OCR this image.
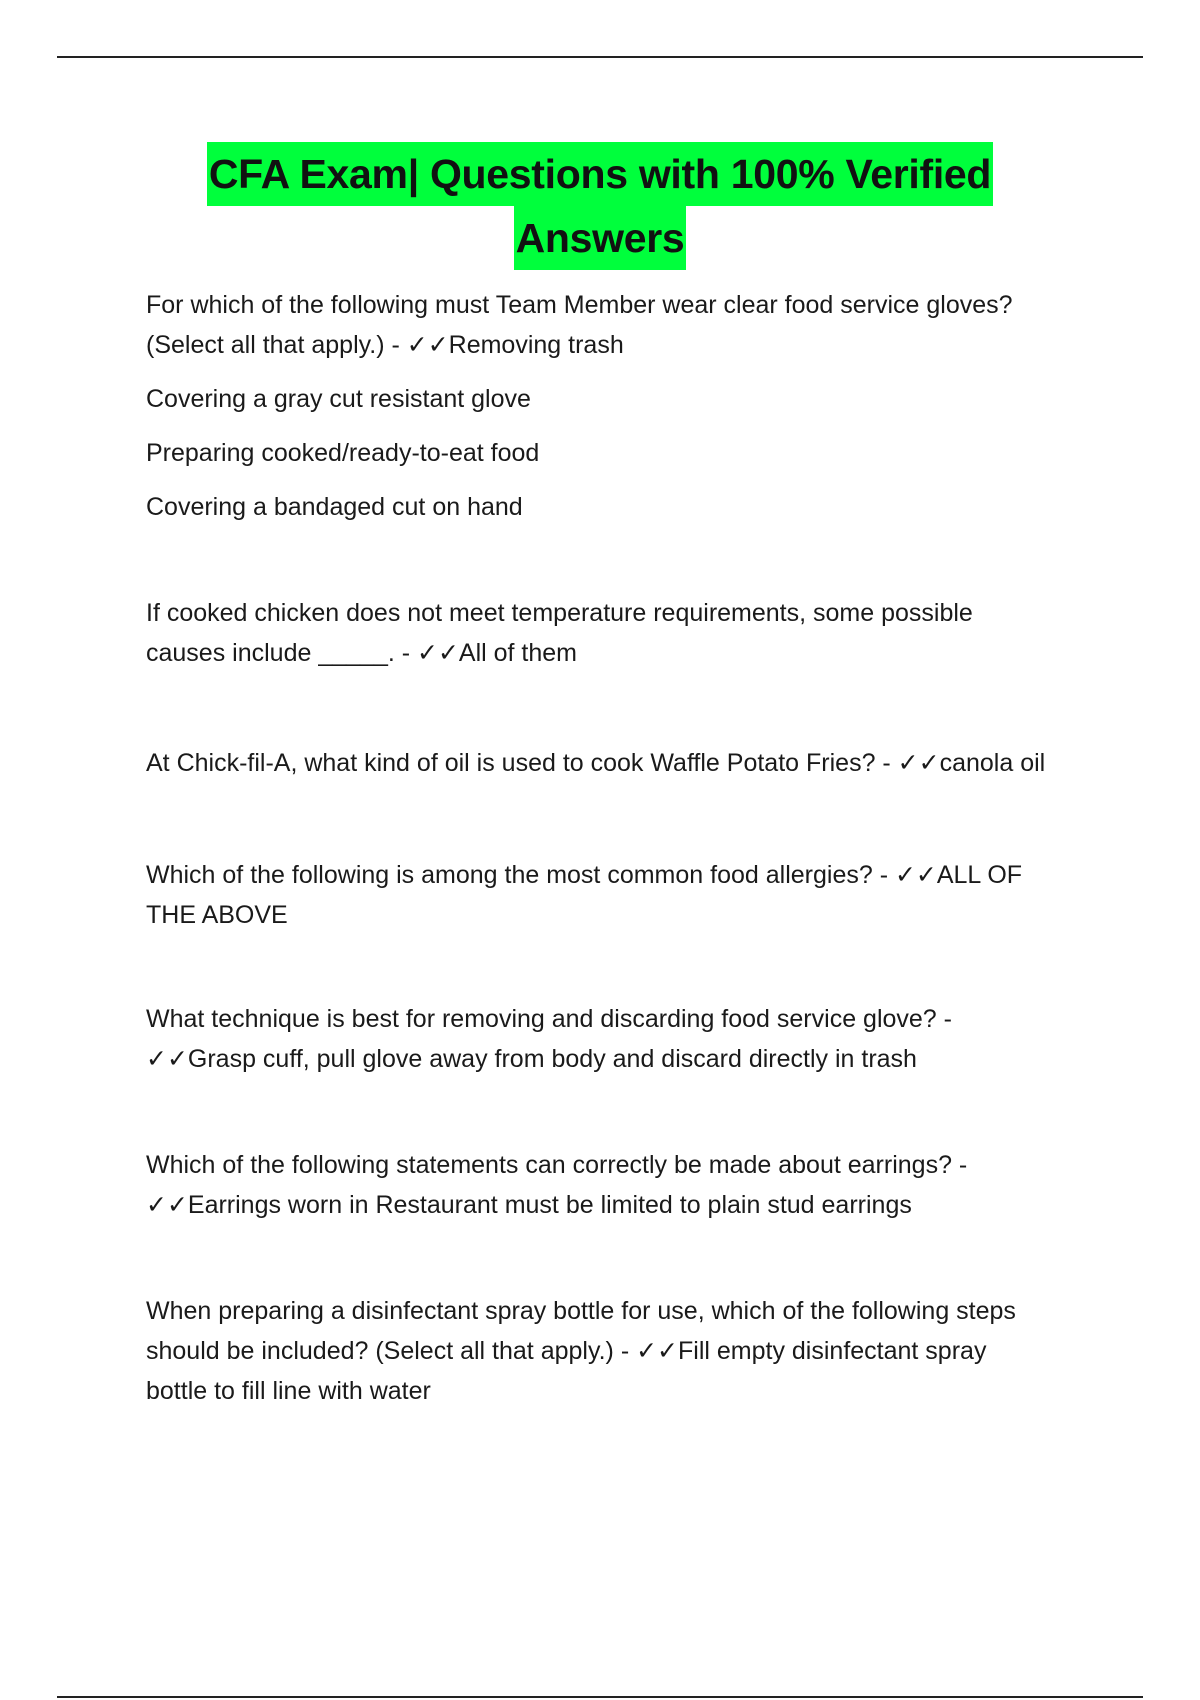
CFA Exam| Questions with 100% Verified
Answers
For which of the following must Team Member wear clear food service gloves?
(Select all that apply.) - ✓✓Removing trash
Covering a gray cut resistant glove
Preparing cooked/ready-to-eat food
Covering a bandaged cut on hand
If cooked chicken does not meet temperature requirements, some possible
causes include _____. - ✓✓All of them
At Chick-fil-A, what kind of oil is used to cook Waffle Potato Fries? - ✓✓canola oil
Which of the following is among the most common food allergies? - ✓✓ALL OF
THE ABOVE
What technique is best for removing and discarding food service glove? -
✓✓Grasp cuff, pull glove away from body and discard directly in trash
Which of the following statements can correctly be made about earrings? -
✓✓Earrings worn in Restaurant must be limited to plain stud earrings
When preparing a disinfectant spray bottle for use, which of the following steps
should be included? (Select all that apply.) - ✓✓Fill empty disinfectant spray
bottle to fill line with water
